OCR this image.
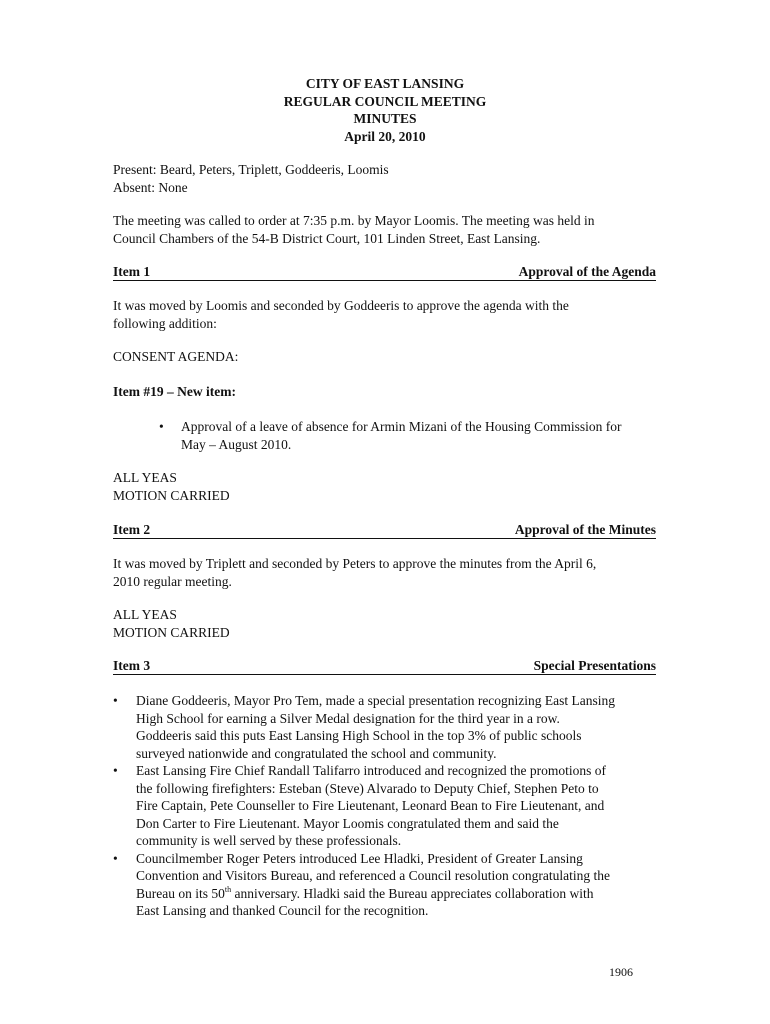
CITY OF EAST LANSING
REGULAR COUNCIL MEETING
MINUTES
April 20, 2010
Present: Beard, Peters, Triplett, Goddeeris, Loomis
Absent: None
The meeting was called to order at 7:35 p.m. by Mayor Loomis. The meeting was held in
Council Chambers of the 54-B District Court, 101 Linden Street, East Lansing.
Item 1	Approval of the Agenda
It was moved by Loomis and seconded by Goddeeris to approve the agenda with the
following addition:
CONSENT AGENDA:
Item #19 – New item:
•	Approval of a leave of absence for Armin Mizani of the Housing Commission for
May – August 2010.
ALL YEAS
MOTION CARRIED
Item 2	Approval of the Minutes
It was moved by Triplett and seconded by Peters to approve the minutes from the April 6,
2010 regular meeting.
ALL YEAS
MOTION CARRIED
Item 3	Special Presentations
• Diane Goddeeris, Mayor Pro Tem, made a special presentation recognizing East Lansing
High School for earning a Silver Medal designation for the third year in a row.
Goddeeris said this puts East Lansing High School in the top 3% of public schools
surveyed nationwide and congratulated the school and community.
• East Lansing Fire Chief Randall Talifarro introduced and recognized the promotions of
the following firefighters: Esteban (Steve) Alvarado to Deputy Chief, Stephen Peto to
Fire Captain, Pete Counseller to Fire Lieutenant, Leonard Bean to Fire Lieutenant, and
Don Carter to Fire Lieutenant. Mayor Loomis congratulated them and said the
community is well served by these professionals.
• Councilmember Roger Peters introduced Lee Hladki, President of Greater Lansing
Convention and Visitors Bureau, and referenced a Council resolution congratulating the
Bureau on its 50th anniversary. Hladki said the Bureau appreciates collaboration with
East Lansing and thanked Council for the recognition.
1906
